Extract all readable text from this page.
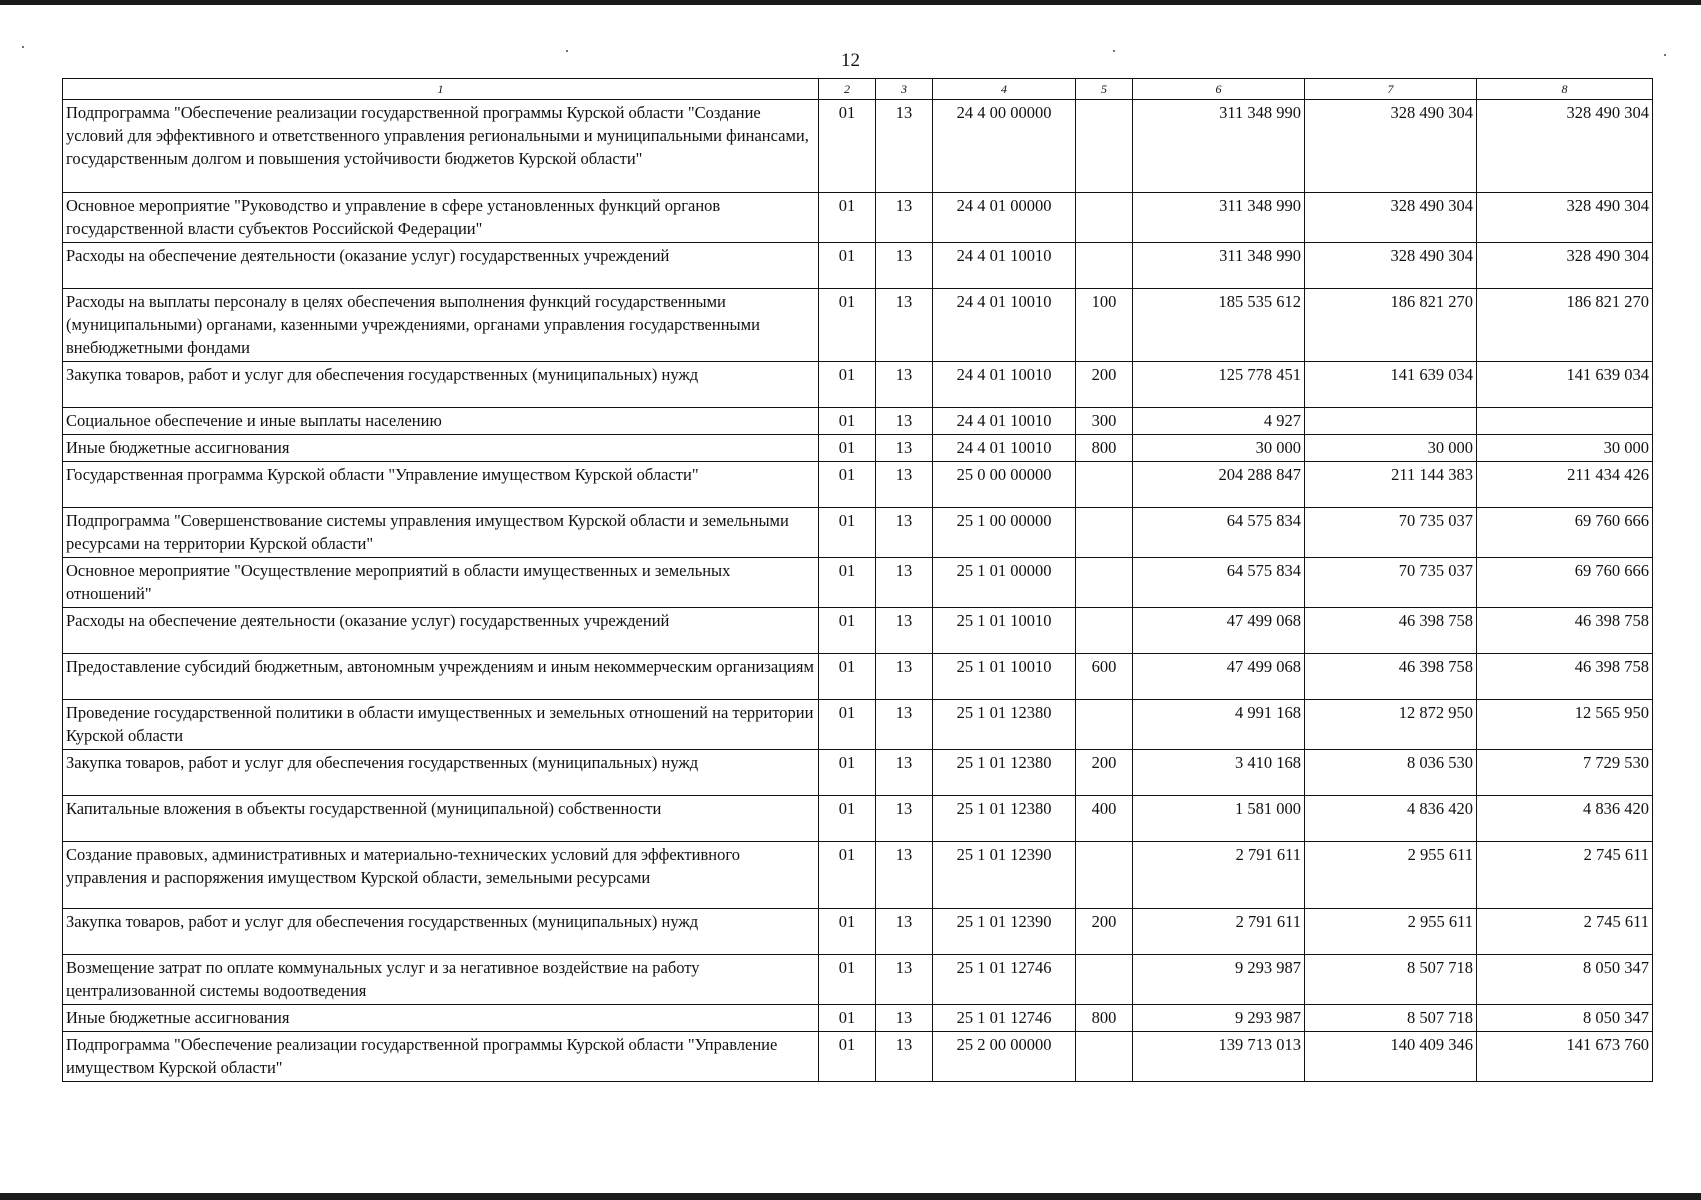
12
1	2	3	4	5	6	7	8
Подпрограмма "Обеспечение реализации государственной программы Курской области "Создание условий для эффективного и ответственного управления региональными и муниципальными финансами, государственным долгом и повышения устойчивости бюджетов Курской области"	01	13	24 4 00 00000		311 348 990	328 490 304	328 490 304
Основное мероприятие "Руководство и управление в сфере установленных функций органов государственной власти субъектов Российской Федерации"	01	13	24 4 01 00000		311 348 990	328 490 304	328 490 304
Расходы на обеспечение деятельности (оказание услуг) государственных учреждений	01	13	24 4 01 10010		311 348 990	328 490 304	328 490 304
Расходы на выплаты персоналу в целях обеспечения выполнения функций государственными (муниципальными) органами, казенными учреждениями, органами управления государственными внебюджетными фондами	01	13	24 4 01 10010	100	185 535 612	186 821 270	186 821 270
Закупка товаров, работ и услуг для обеспечения государственных (муниципальных) нужд	01	13	24 4 01 10010	200	125 778 451	141 639 034	141 639 034
Социальное обеспечение и иные выплаты населению	01	13	24 4 01 10010	300	4 927		
Иные бюджетные ассигнования	01	13	24 4 01 10010	800	30 000	30 000	30 000
Государственная программа Курской области "Управление имуществом Курской области"	01	13	25 0 00 00000		204 288 847	211 144 383	211 434 426
Подпрограмма "Совершенствование системы управления имуществом Курской области и земельными ресурсами на территории Курской области"	01	13	25 1 00 00000		64 575 834	70 735 037	69 760 666
Основное мероприятие "Осуществление мероприятий в области имущественных и земельных отношений"	01	13	25 1 01 00000		64 575 834	70 735 037	69 760 666
Расходы на обеспечение деятельности (оказание услуг) государственных учреждений	01	13	25 1 01 10010		47 499 068	46 398 758	46 398 758
Предоставление субсидий бюджетным, автономным учреждениям и иным некоммерческим организациям	01	13	25 1 01 10010	600	47 499 068	46 398 758	46 398 758
Проведение государственной политики в области имущественных и земельных отношений на территории Курской области	01	13	25 1 01 12380		4 991 168	12 872 950	12 565 950
Закупка товаров, работ и услуг для обеспечения государственных (муниципальных) нужд	01	13	25 1 01 12380	200	3 410 168	8 036 530	7 729 530
Капитальные вложения в объекты государственной (муниципальной) собственности	01	13	25 1 01 12380	400	1 581 000	4 836 420	4 836 420
Создание правовых, административных и материально-технических условий для эффективного управления и распоряжения имуществом Курской области, земельными ресурсами	01	13	25 1 01 12390		2 791 611	2 955 611	2 745 611
Закупка товаров, работ и услуг для обеспечения государственных (муниципальных) нужд	01	13	25 1 01 12390	200	2 791 611	2 955 611	2 745 611
Возмещение затрат по оплате коммунальных услуг и за негативное воздействие на работу централизованной системы водоотведения	01	13	25 1 01 12746		9 293 987	8 507 718	8 050 347
Иные бюджетные ассигнования	01	13	25 1 01 12746	800	9 293 987	8 507 718	8 050 347
Подпрограмма "Обеспечение реализации государственной программы Курской области "Управление имуществом Курской области"	01	13	25 2 00 00000		139 713 013	140 409 346	141 673 760
